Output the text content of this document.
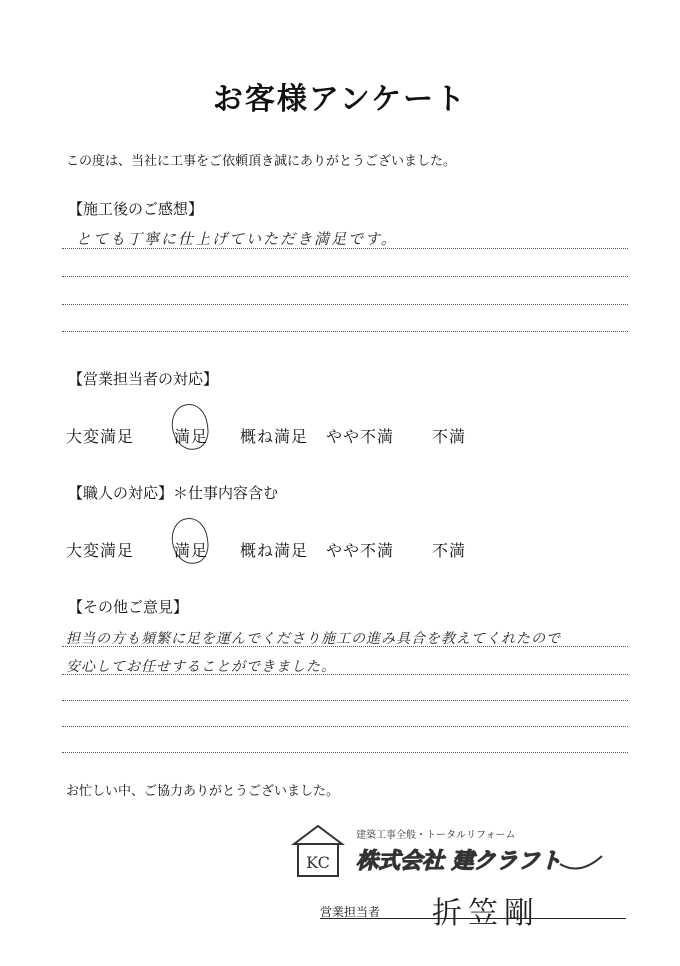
お客様アンケート
この度は、当社に工事をご依頼頂き誠にありがとうございました。
【施工後のご感想】
とても丁寧に仕上げていただき満足です。
【営業担当者の対応】
大変満足 満足 概ね満足 やや不満 不満
【職人の対応】＊仕事内容含む
大変満足 満足 概ね満足 やや不満 不満
【その他ご意見】
担当の方も頻繁に足を運んでくださり施工の進み具合を教えてくれたので
安心してお任せすることができました。
お忙しい中、ご協力ありがとうございました。
KC
建築工事全般・トータルリフォーム
株式会社 建クラフト
営業担当者 折笠剛
